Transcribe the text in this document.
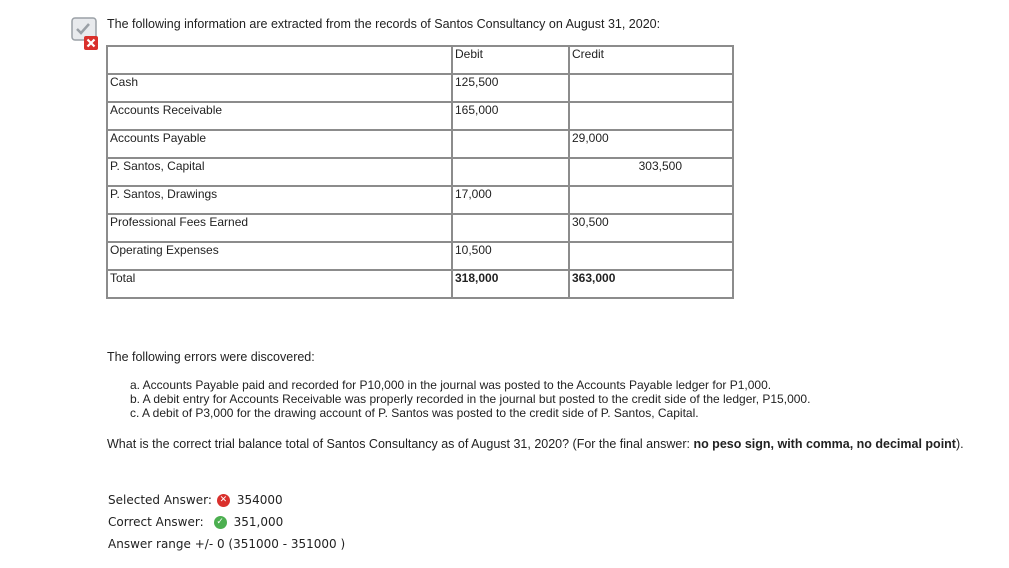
The following information are extracted from the records of Santos Consultancy on August 31, 2020:
	Debit	Credit
Cash	125,500	
Accounts Receivable	165,000	
Accounts Payable		29,000
P. Santos, Capital		303,500
P. Santos, Drawings	17,000	
Professional Fees Earned		30,500
Operating Expenses	10,500	
Total	318,000	363,000
The following errors were discovered:
a. Accounts Payable paid and recorded for P10,000 in the journal was posted to the Accounts Payable ledger for P1,000.
b. A debit entry for Accounts Receivable was properly recorded in the journal but posted to the credit side of the ledger, P15,000.
c. A debit of P3,000 for the drawing account of P. Santos was posted to the credit side of P. Santos, Capital.
What is the correct trial balance total of Santos Consultancy as of August 31, 2020? (For the final answer: no peso sign, with comma, no decimal point).
Selected Answer: ✕ 354000
Correct Answer:	✓ 351,000
Answer range +/- 0 (351000 - 351000 )
